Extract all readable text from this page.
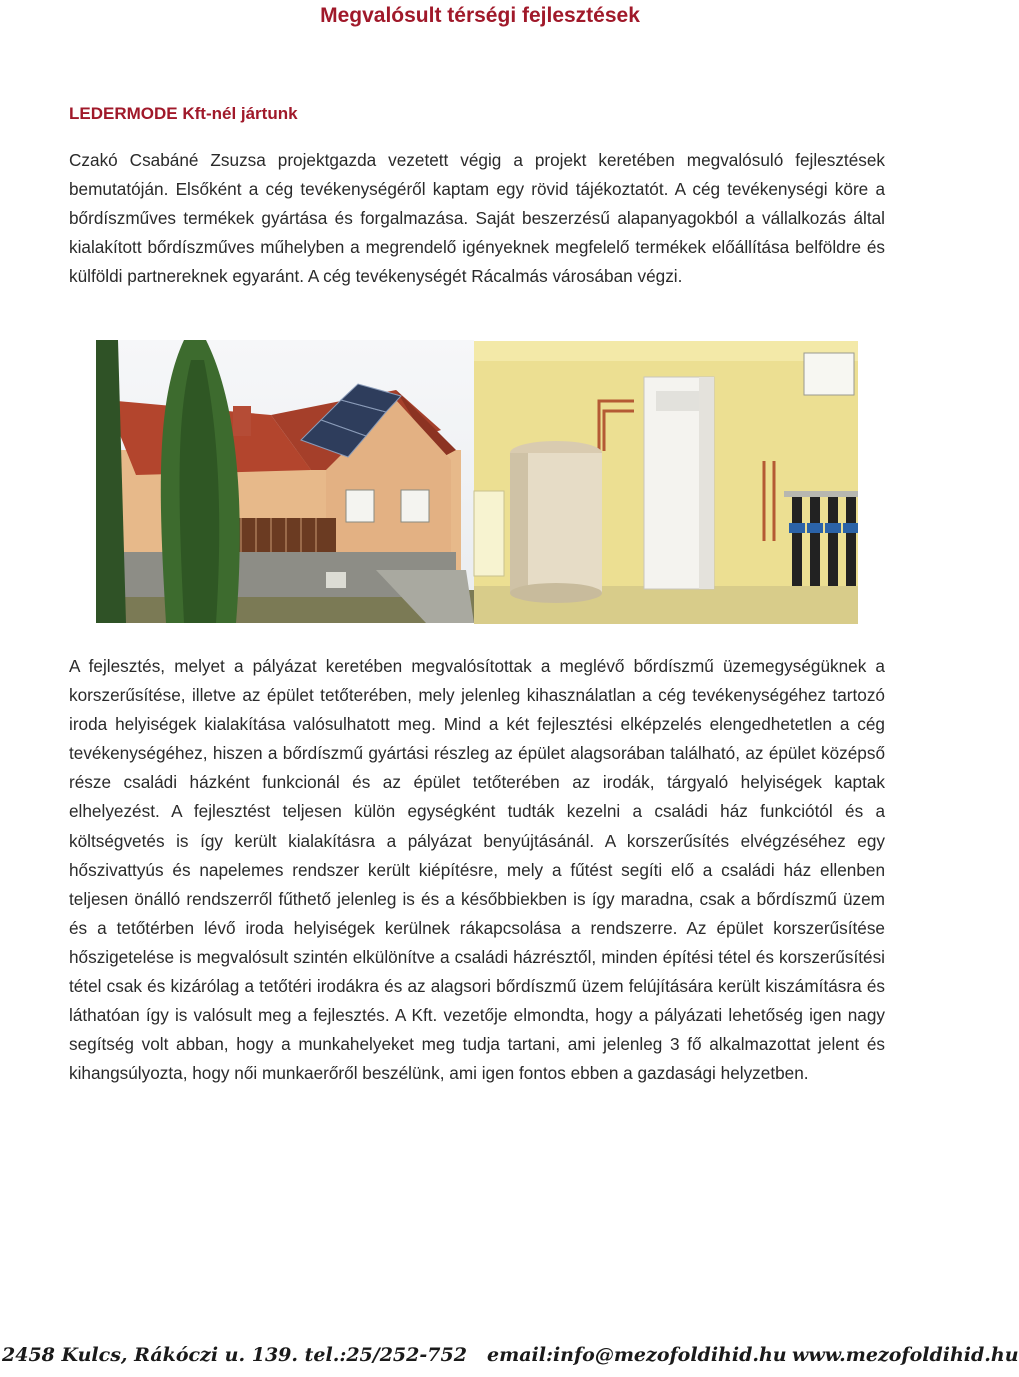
Megvalósult térségi fejlesztések
LEDERMODE Kft-nél jártunk

Czakó Csabáné Zsuzsa projektgazda vezetett végig a projekt keretében megvalósuló fejlesztések bemutatóján. Elsőként a cég tevékenységéről kaptam egy rövid tájékoztatót. A cég tevékenységi köre a bőrdíszműves termékek gyártása és forgalmazása. Saját beszerzésű alapanyagokból a vállalkozás által kialakított bőrdíszműves műhelyben a megrendelő igényeknek megfelelő termékek előállítása belföldre és külföldi partnereknek egyaránt. A cég tevékenységét Rácalmás városában végzi.

A fejlesztés, melyet a pályázat keretében megvalósítottak a meglévő bőrdíszmű üzemegységüknek a korszerűsítése, illetve az épület tetőterében, mely jelenleg kihasználatlan a cég tevékenységéhez tartozó iroda helyiségek kialakítása valósulhatott meg. Mind a két fejlesztési elképzelés elengedhetetlen a cég tevékenységéhez, hiszen a bőrdíszmű gyártási részleg az épület alagsorában található, az épület középső része családi házként funkcionál és az épület tetőterében az irodák, tárgyaló helyiségek kaptak elhelyezést. A fejlesztést teljesen külön egységként tudták kezelni a családi ház funkciótól és a költségvetés is így került kialakításra a pályázat benyújtásánál. A korszerűsítés elvégzéséhez egy hőszivattyús és napelemes rendszer került kiépítésre, mely a fűtést segíti elő a családi ház ellenben teljesen önálló rendszerről fűthető jelenleg is és a későbbiekben is így maradna, csak a bőrdíszmű üzem és a tetőtérben lévő iroda helyiségek kerülnek rákapcsolása a rendszerre. Az épület korszerűsítése hőszigetelése is megvalósult szintén elkülönítve a családi házrésztől, minden építési tétel és korszerűsítési tétel csak és kizárólag a tetőtéri irodákra és az alagsori bőrdíszmű üzem felújítására került kiszámításra és láthatóan így is valósult meg a fejlesztés. A Kft. vezetője elmondta, hogy a pályázati lehetőség igen nagy segítség volt abban, hogy a munkahelyeket meg tudja tartani, ami jelenleg 3 fő alkalmazottat jelent és kihangsúlyozta, hogy női munkaerőről beszélünk, ami igen fontos ebben a gazdasági helyzetben.

2458 Kulcs, Rákóczi u. 139. tel.:25/252-752 email:info@mezofoldihid.hu www.mezofoldihid.hu
